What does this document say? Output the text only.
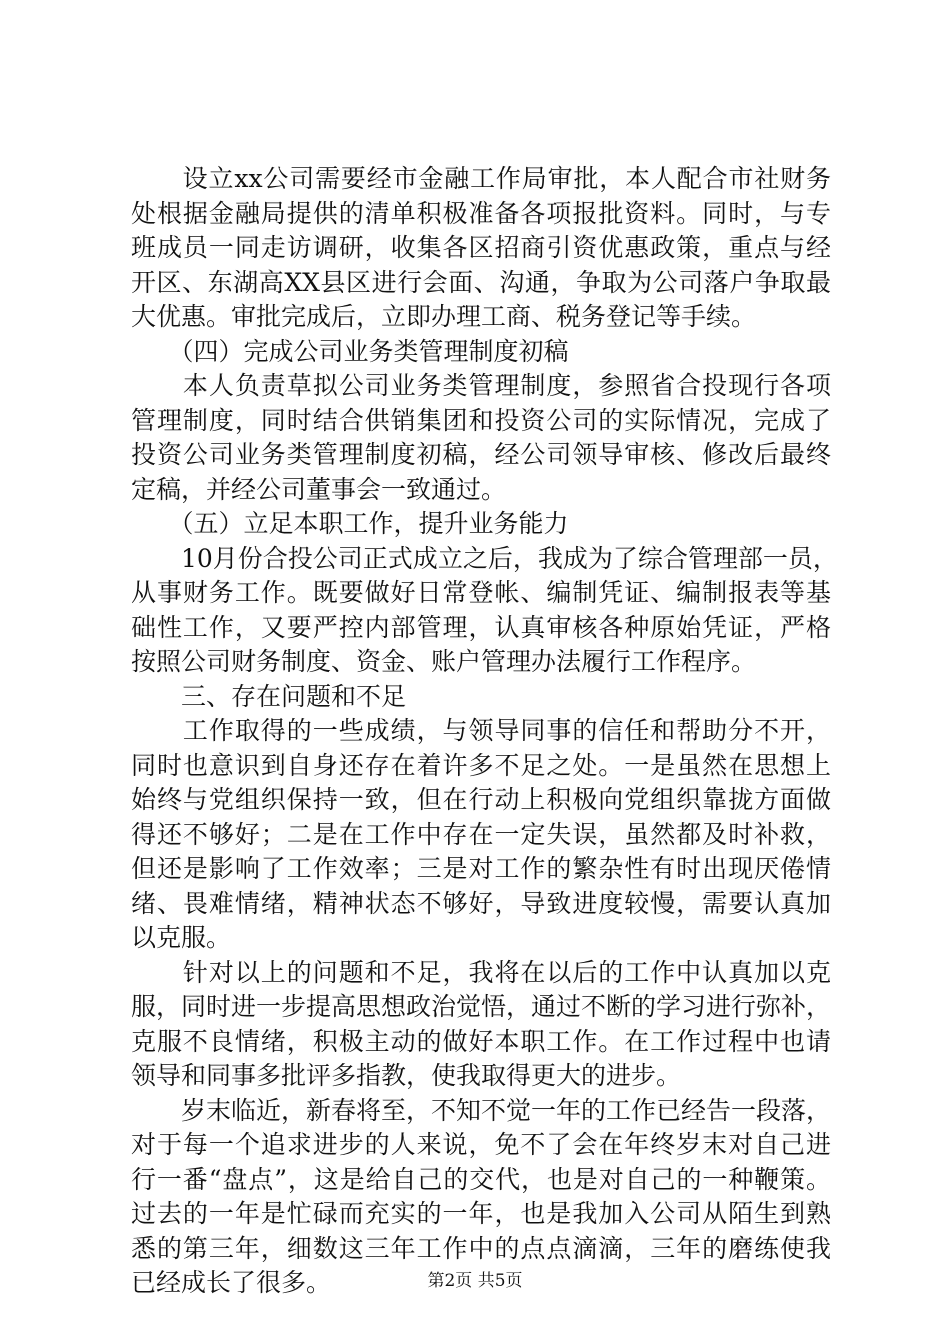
　　设立xx公司需要经市金融工作局审批，本人配合市社财务
处根据金融局提供的清单积极准备各项报批资料。同时，与专
班成员一同走访调研，收集各区招商引资优惠政策，重点与经
开区、东湖高XX县区进行会面、沟通，争取为公司落户争取最
大优惠。审批完成后，立即办理工商、税务登记等手续。
　　（四）完成公司业务类管理制度初稿
　　本人负责草拟公司业务类管理制度，参照省合投现行各项
管理制度，同时结合供销集团和投资公司的实际情况，完成了
投资公司业务类管理制度初稿，经公司领导审核、修改后最终
定稿，并经公司董事会一致通过。
　　（五）立足本职工作，提升业务能力
　　10月份合投公司正式成立之后，我成为了综合管理部一员，
从事财务工作。既要做好日常登帐、编制凭证、编制报表等基
础性工作，又要严控内部管理，认真审核各种原始凭证，严格
按照公司财务制度、资金、账户管理办法履行工作程序。
　　三、存在问题和不足
　　工作取得的一些成绩，与领导同事的信任和帮助分不开，
同时也意识到自身还存在着许多不足之处。一是虽然在思想上
始终与党组织保持一致，但在行动上积极向党组织靠拢方面做
得还不够好；二是在工作中存在一定失误，虽然都及时补救，
但还是影响了工作效率；三是对工作的繁杂性有时出现厌倦情
绪、畏难情绪，精神状态不够好，导致进度较慢，需要认真加
以克服。
　　针对以上的问题和不足，我将在以后的工作中认真加以克
服，同时进一步提高思想政治觉悟，通过不断的学习进行弥补，
克服不良情绪，积极主动的做好本职工作。在工作过程中也请
领导和同事多批评多指教，使我取得更大的进步。
　　岁末临近，新春将至，不知不觉一年的工作已经告一段落，
对于每一个追求进步的人来说，免不了会在年终岁末对自己进
行一番“盘点”，这是给自己的交代，也是对自己的一种鞭策。
过去的一年是忙碌而充实的一年，也是我加入公司从陌生到熟
悉的第三年，细数这三年工作中的点点滴滴，三年的磨练使我
已经成长了很多。	第2页 共5页
